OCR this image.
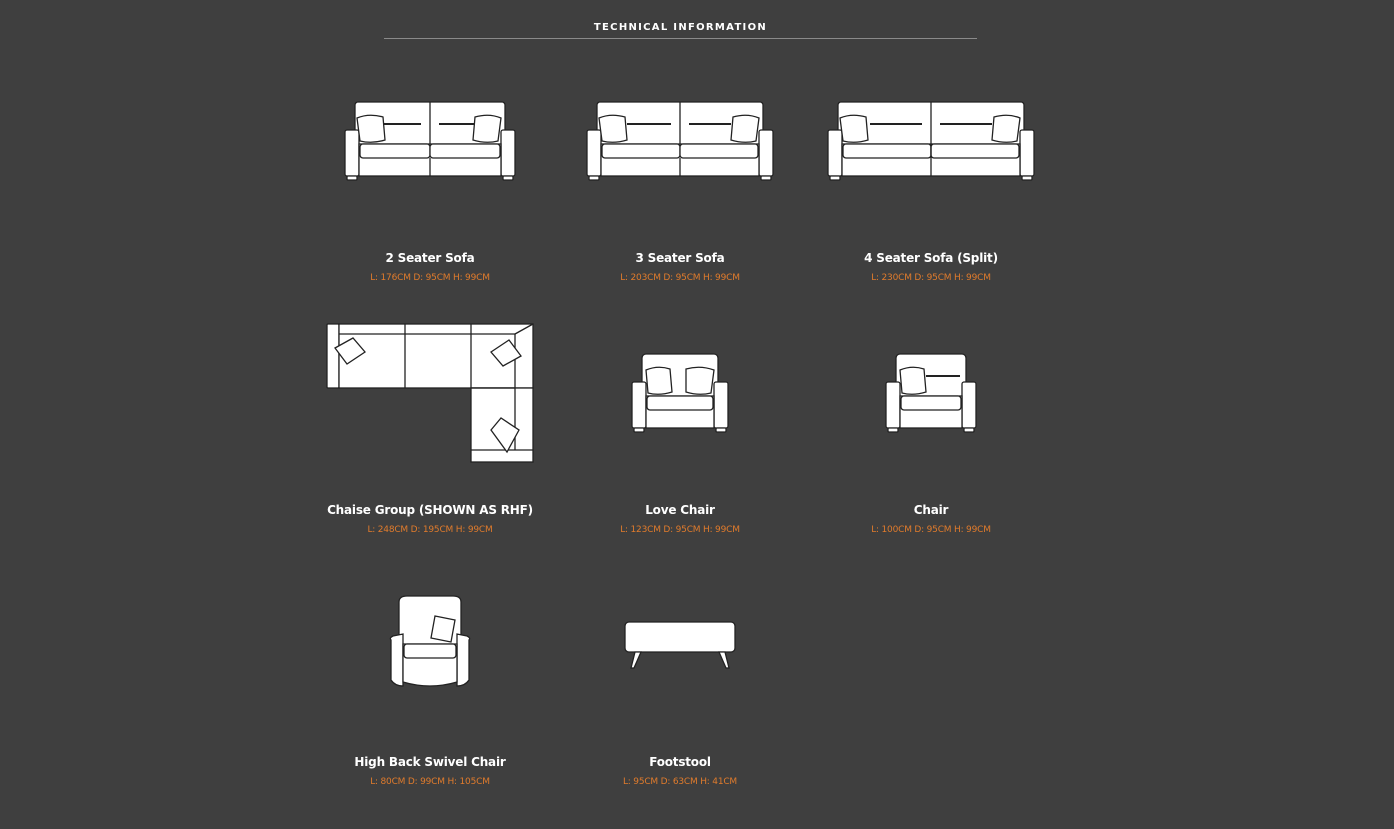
TECHNICAL INFORMATION
2 Seater Sofa
L: 176CM D: 95CM H: 99CM
3 Seater Sofa
L: 203CM D: 95CM H: 99CM
4 Seater Sofa (Split)
L: 230CM D: 95CM H: 99CM
Chaise Group (SHOWN AS RHF)
L: 248CM D: 195CM H: 99CM
Love Chair
L: 123CM D: 95CM H: 99CM
Chair
L: 100CM D: 95CM H: 99CM
High Back Swivel Chair
L: 80CM D: 99CM H: 105CM
Footstool
L: 95CM D: 63CM H: 41CM
